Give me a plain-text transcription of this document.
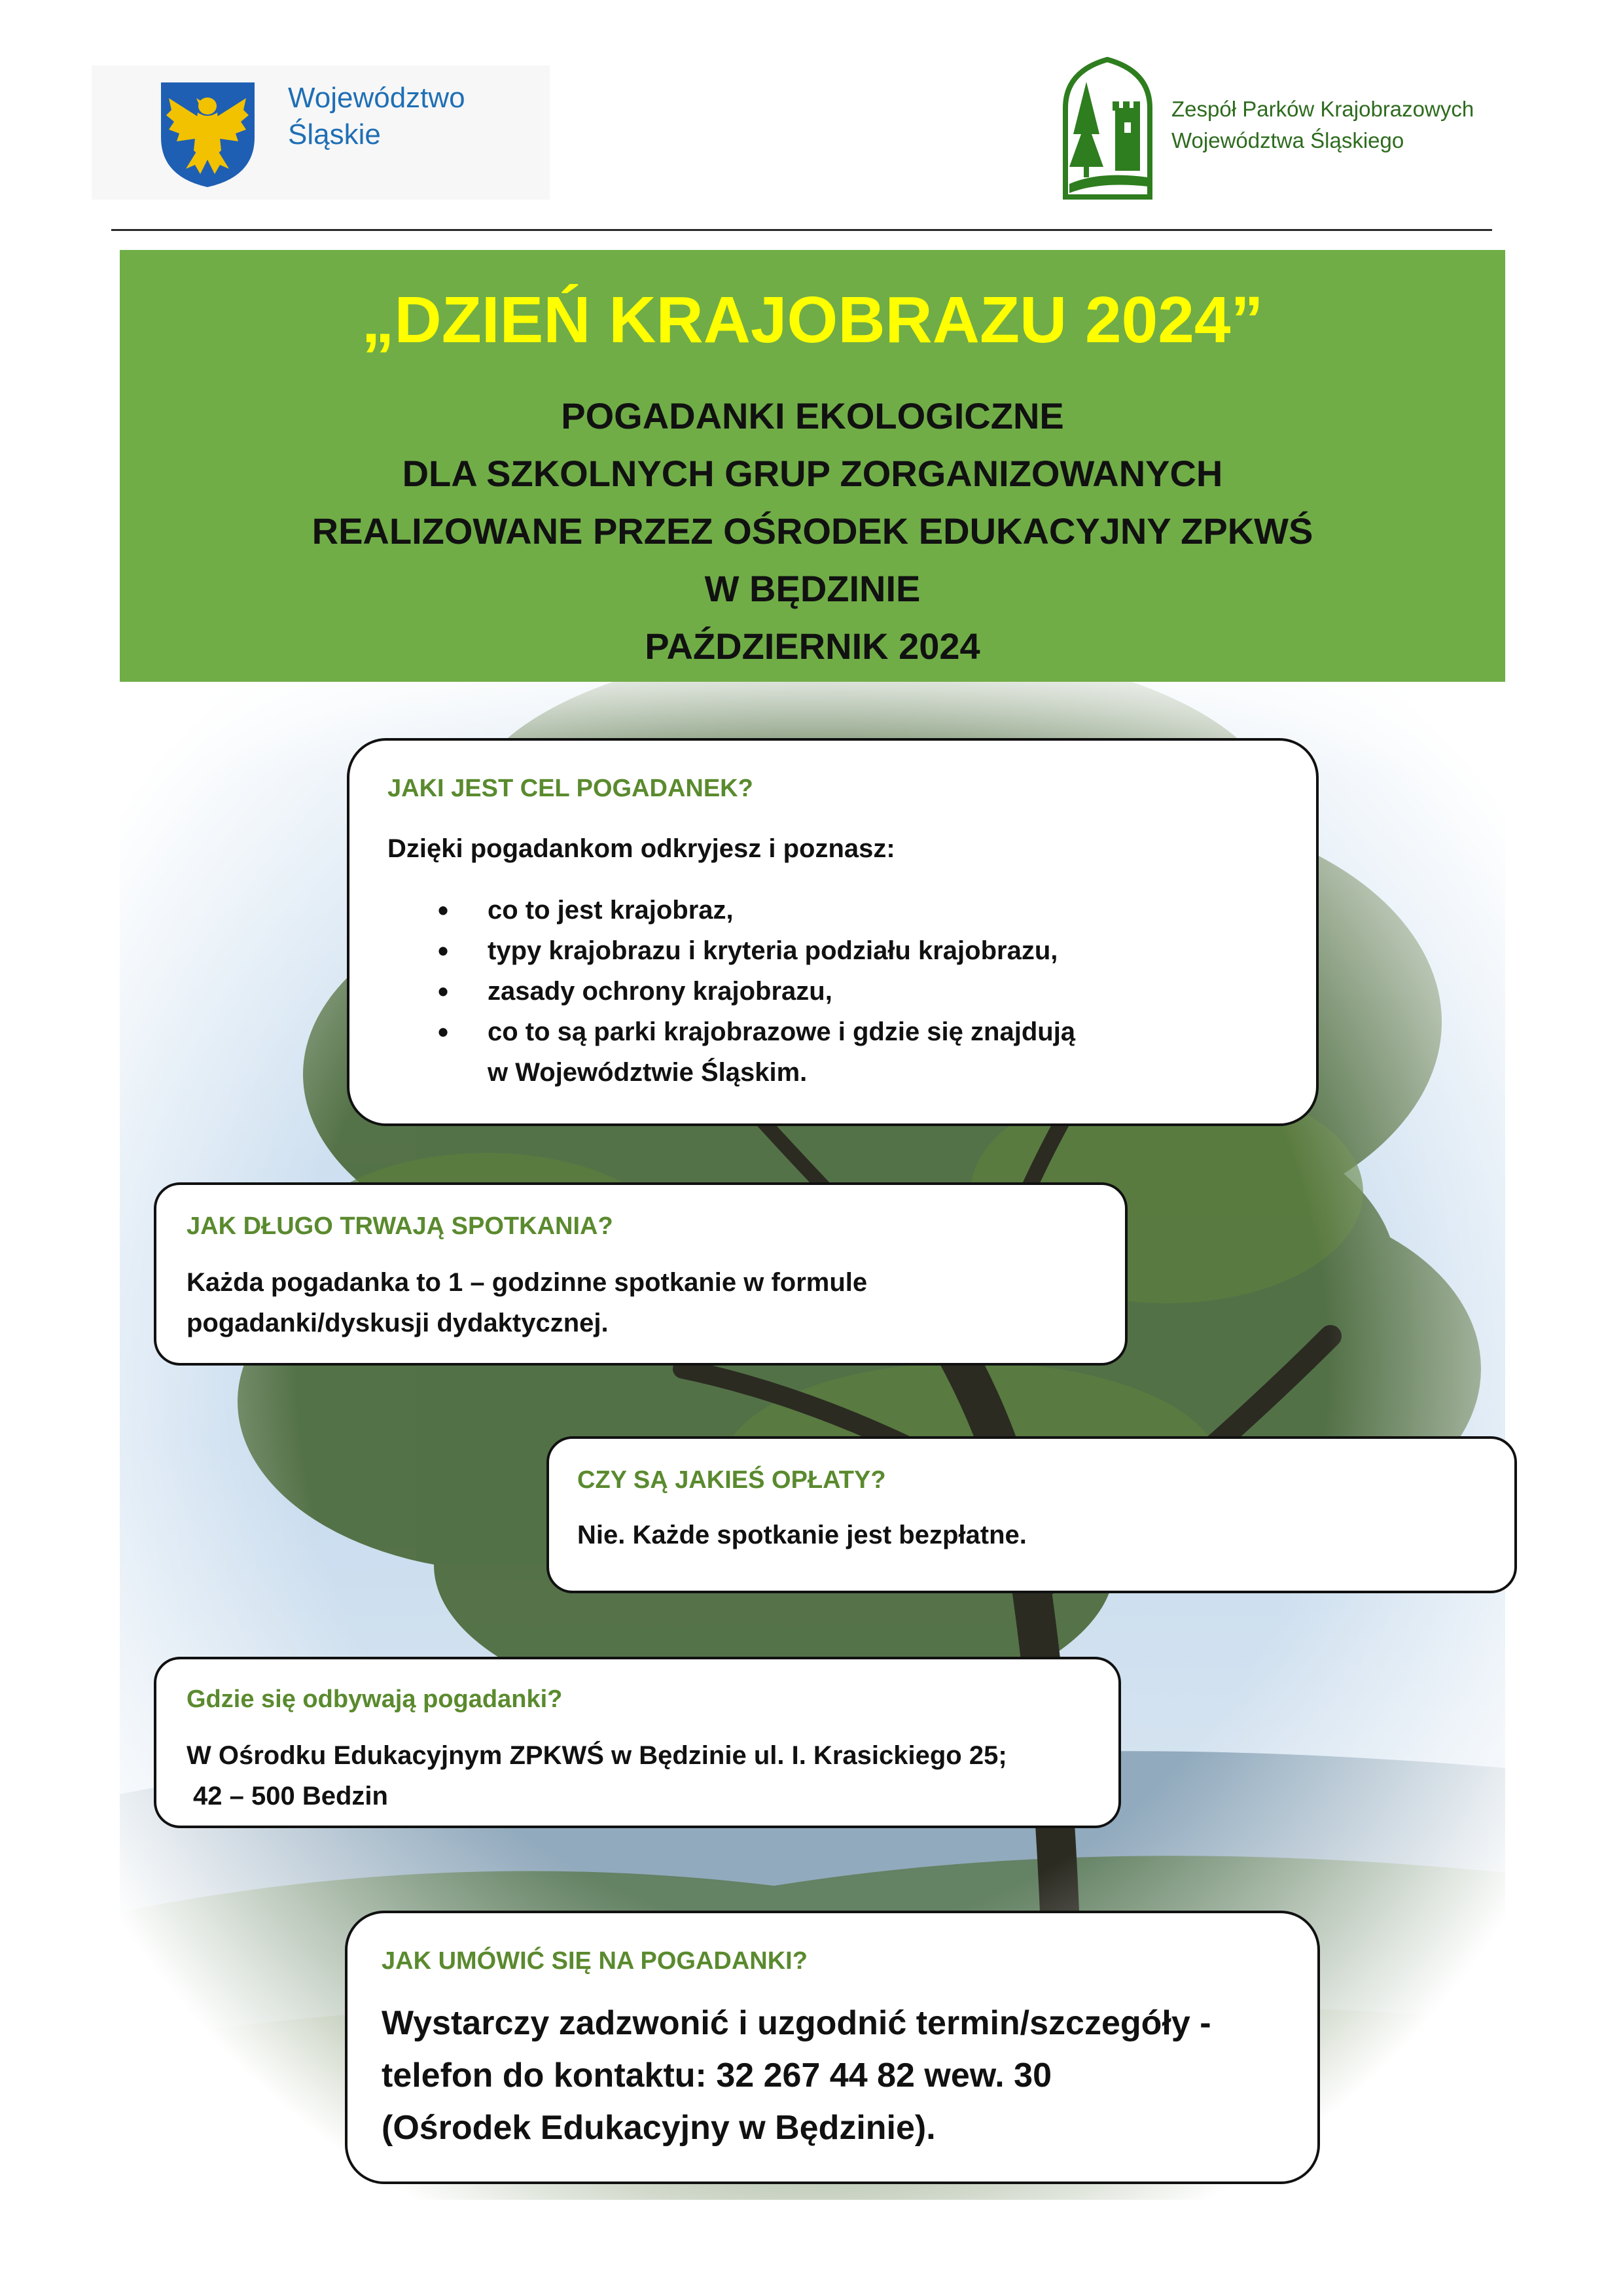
Województwo
Śląskie
Zespół Parków Krajobrazowych
Województwa Śląskiego
„DZIEŃ KRAJOBRAZU 2024”
POGADANKI EKOLOGICZNE
DLA SZKOLNYCH GRUP ZORGANIZOWANYCH
REALIZOWANE PRZEZ OŚRODEK EDUKACYJNY ZPKWŚ
W BĘDZINIE
PAŹDZIERNIK 2024
JAKI JEST CEL POGADANEK?
Dzięki pogadankom odkryjesz i poznasz:
• co to jest krajobraz,
• typy krajobrazu i kryteria podziału krajobrazu,
• zasady ochrony krajobrazu,
• co to są parki krajobrazowe i gdzie się znajdują
w Województwie Śląskim.
JAK DŁUGO TRWAJĄ SPOTKANIA?
Każda pogadanka to 1 – godzinne spotkanie w formule
pogadanki/dyskusji dydaktycznej.
CZY SĄ JAKIEŚ OPŁATY?
Nie. Każde spotkanie jest bezpłatne.
Gdzie się odbywają pogadanki?
W Ośrodku Edukacyjnym ZPKWŚ w Będzinie ul. I. Krasickiego 25;
42 – 500 Bedzin
JAK UMÓWIĆ SIĘ NA POGADANKI?
Wystarczy zadzwonić i uzgodnić termin/szczegóły -
telefon do kontaktu: 32 267 44 82 wew. 30
(Ośrodek Edukacyjny w Będzinie).
